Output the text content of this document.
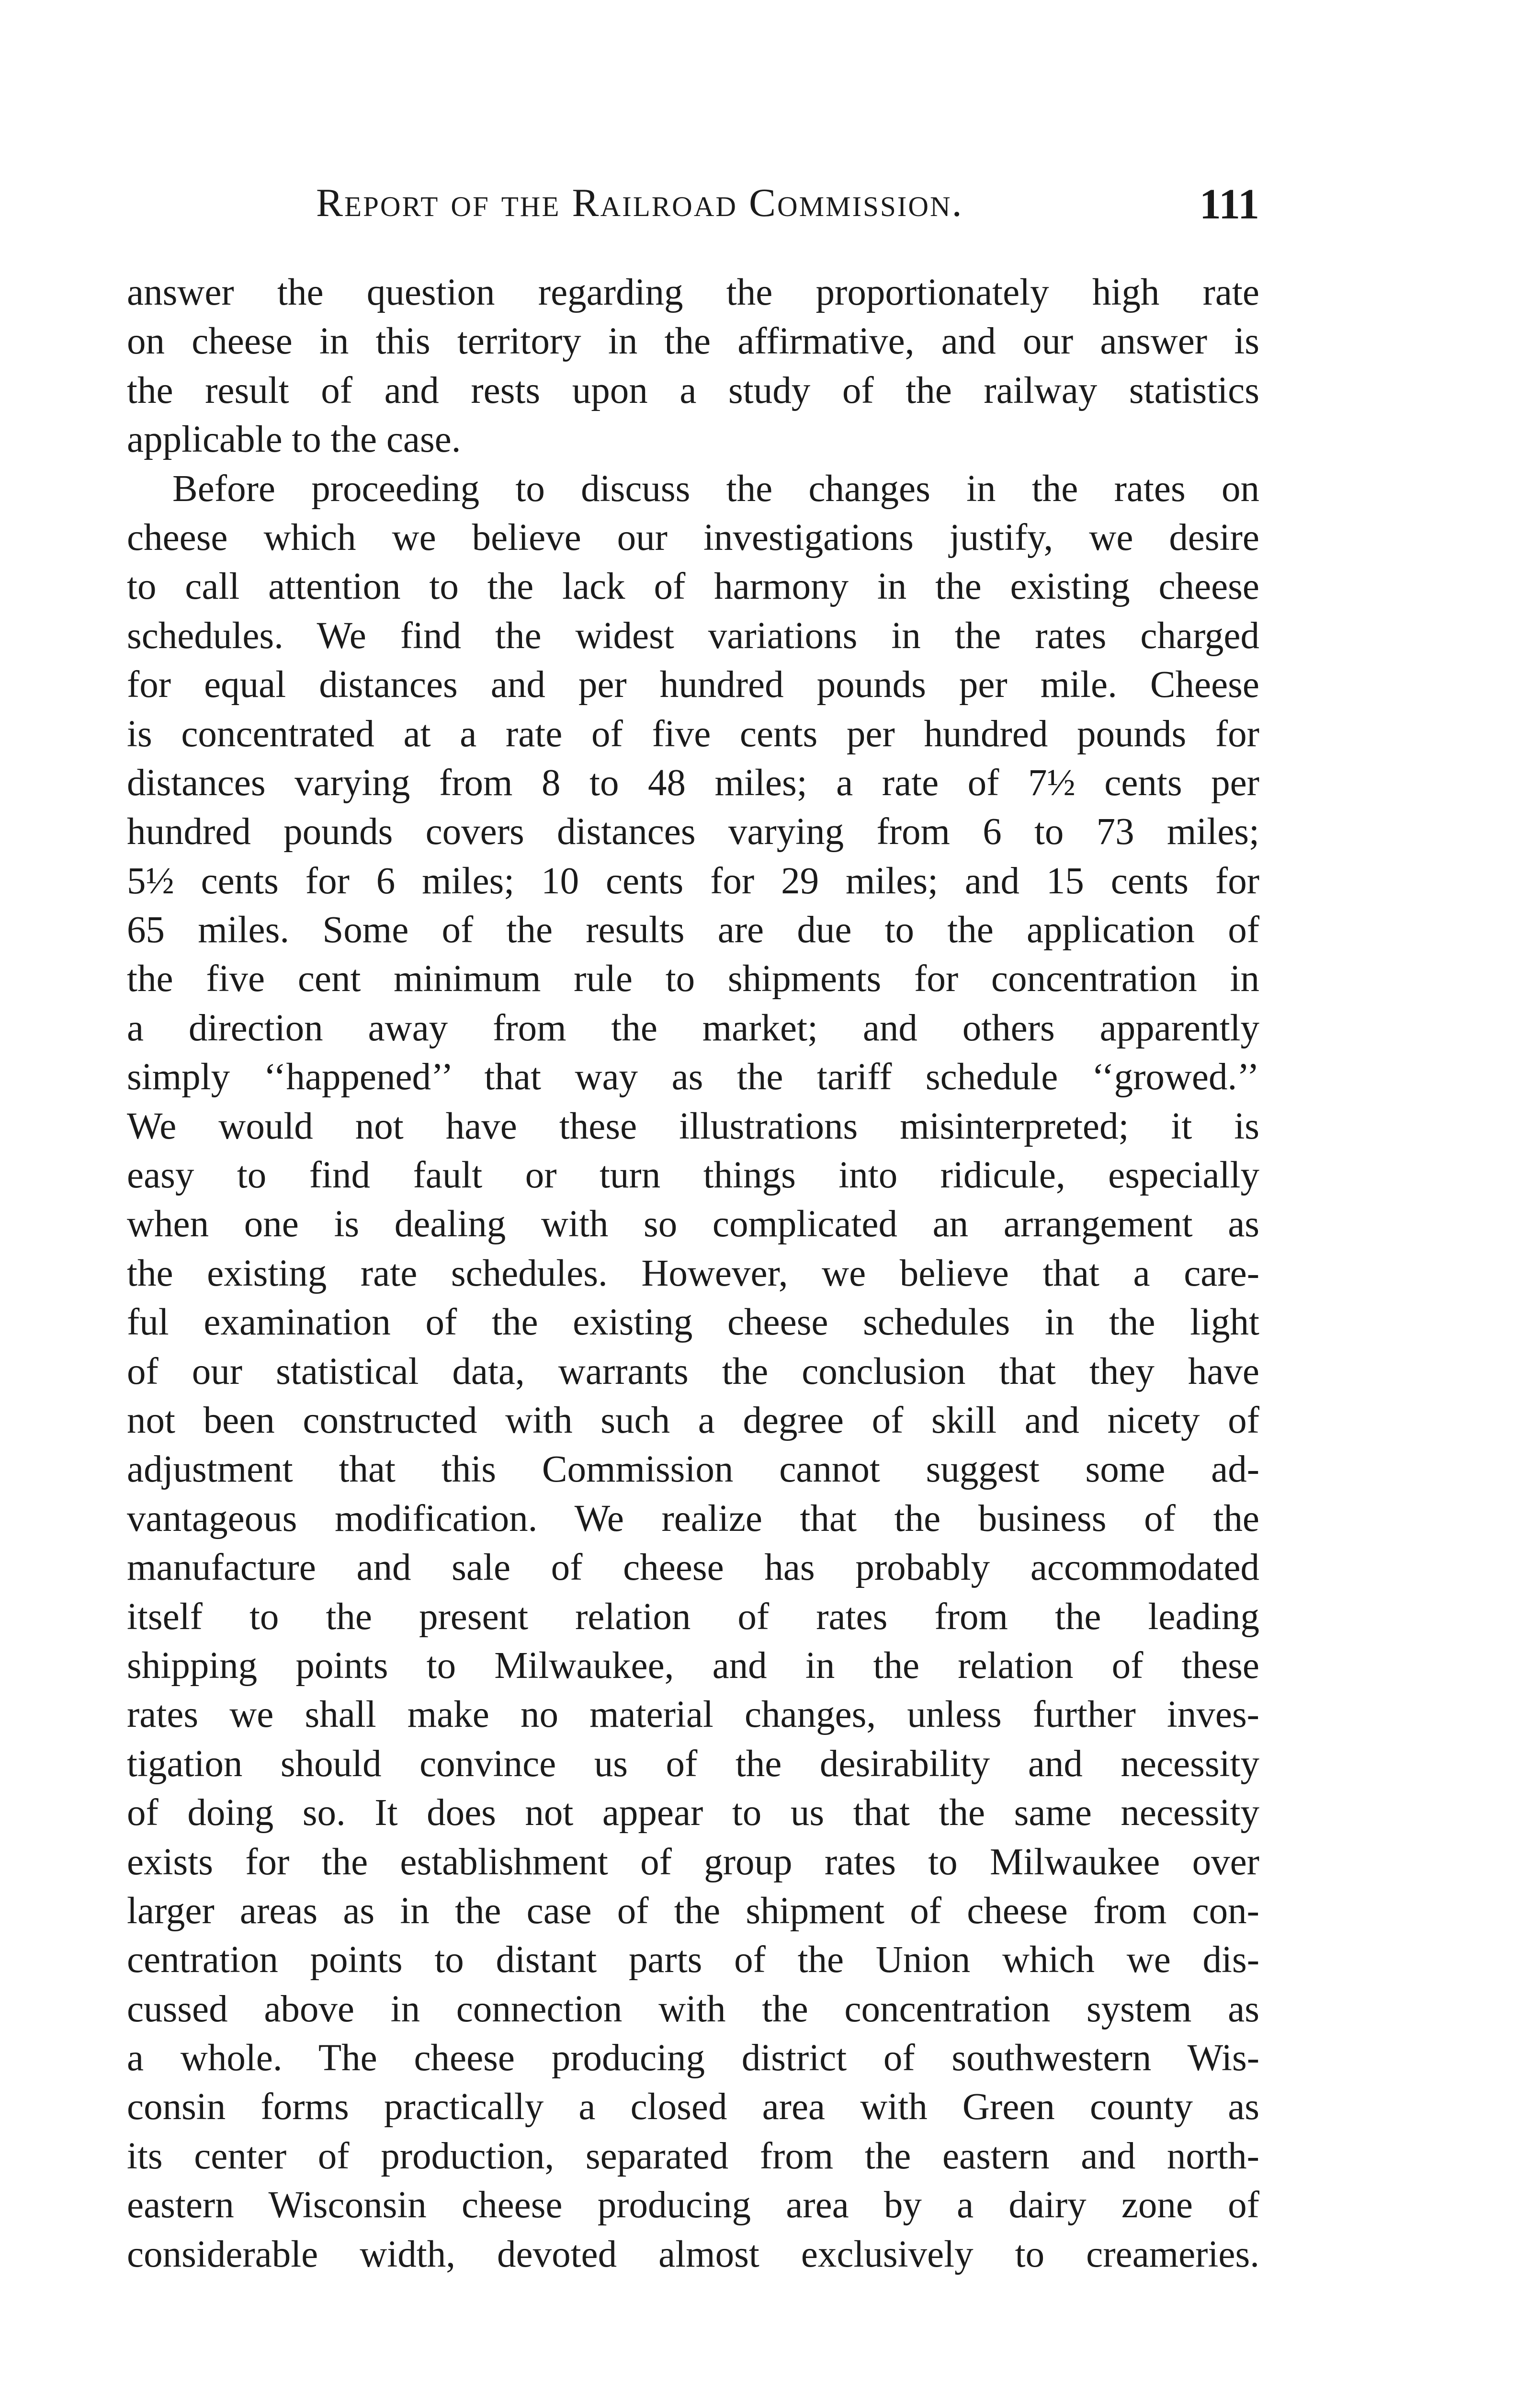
Report of the Railroad Commission.	111
answer the question regarding the proportionately high rate
on cheese in this territory in the affirmative, and our answer is
the result of and rests upon a study of the railway statistics
applicable to the case.
Before proceeding to discuss the changes in the rates on
cheese which we believe our investigations justify, we desire
to call attention to the lack of harmony in the existing cheese
schedules. We find the widest variations in the rates charged
for equal distances and per hundred pounds per mile. Cheese
is concentrated at a rate of five cents per hundred pounds for
distances varying from 8 to 48 miles; a rate of 7½ cents per
hundred pounds covers distances varying from 6 to 73 miles;
5½ cents for 6 miles; 10 cents for 29 miles; and 15 cents for
65 miles. Some of the results are due to the application of
the five cent minimum rule to shipments for concentration in
a direction away from the market; and others apparently
simply ‘‘happened’’ that way as the tariff schedule ‘‘growed.’’
We would not have these illustrations misinterpreted; it is
easy to find fault or turn things into ridicule, especially
when one is dealing with so complicated an arrangement as
the existing rate schedules. However, we believe that a care-
ful examination of the existing cheese schedules in the light
of our statistical data, warrants the conclusion that they have
not been constructed with such a degree of skill and nicety of
adjustment that this Commission cannot suggest some ad-
vantageous modification. We realize that the business of the
manufacture and sale of cheese has probably accommodated
itself to the present relation of rates from the leading
shipping points to Milwaukee, and in the relation of these
rates we shall make no material changes, unless further inves-
tigation should convince us of the desirability and necessity
of doing so. It does not appear to us that the same necessity
exists for the establishment of group rates to Milwaukee over
larger areas as in the case of the shipment of cheese from con-
centration points to distant parts of the Union which we dis-
cussed above in connection with the concentration system as
a whole. The cheese producing district of southwestern Wis-
consin forms practically a closed area with Green county as
its center of production, separated from the eastern and north-
eastern Wisconsin cheese producing area by a dairy zone of
considerable width, devoted almost exclusively to creameries.
